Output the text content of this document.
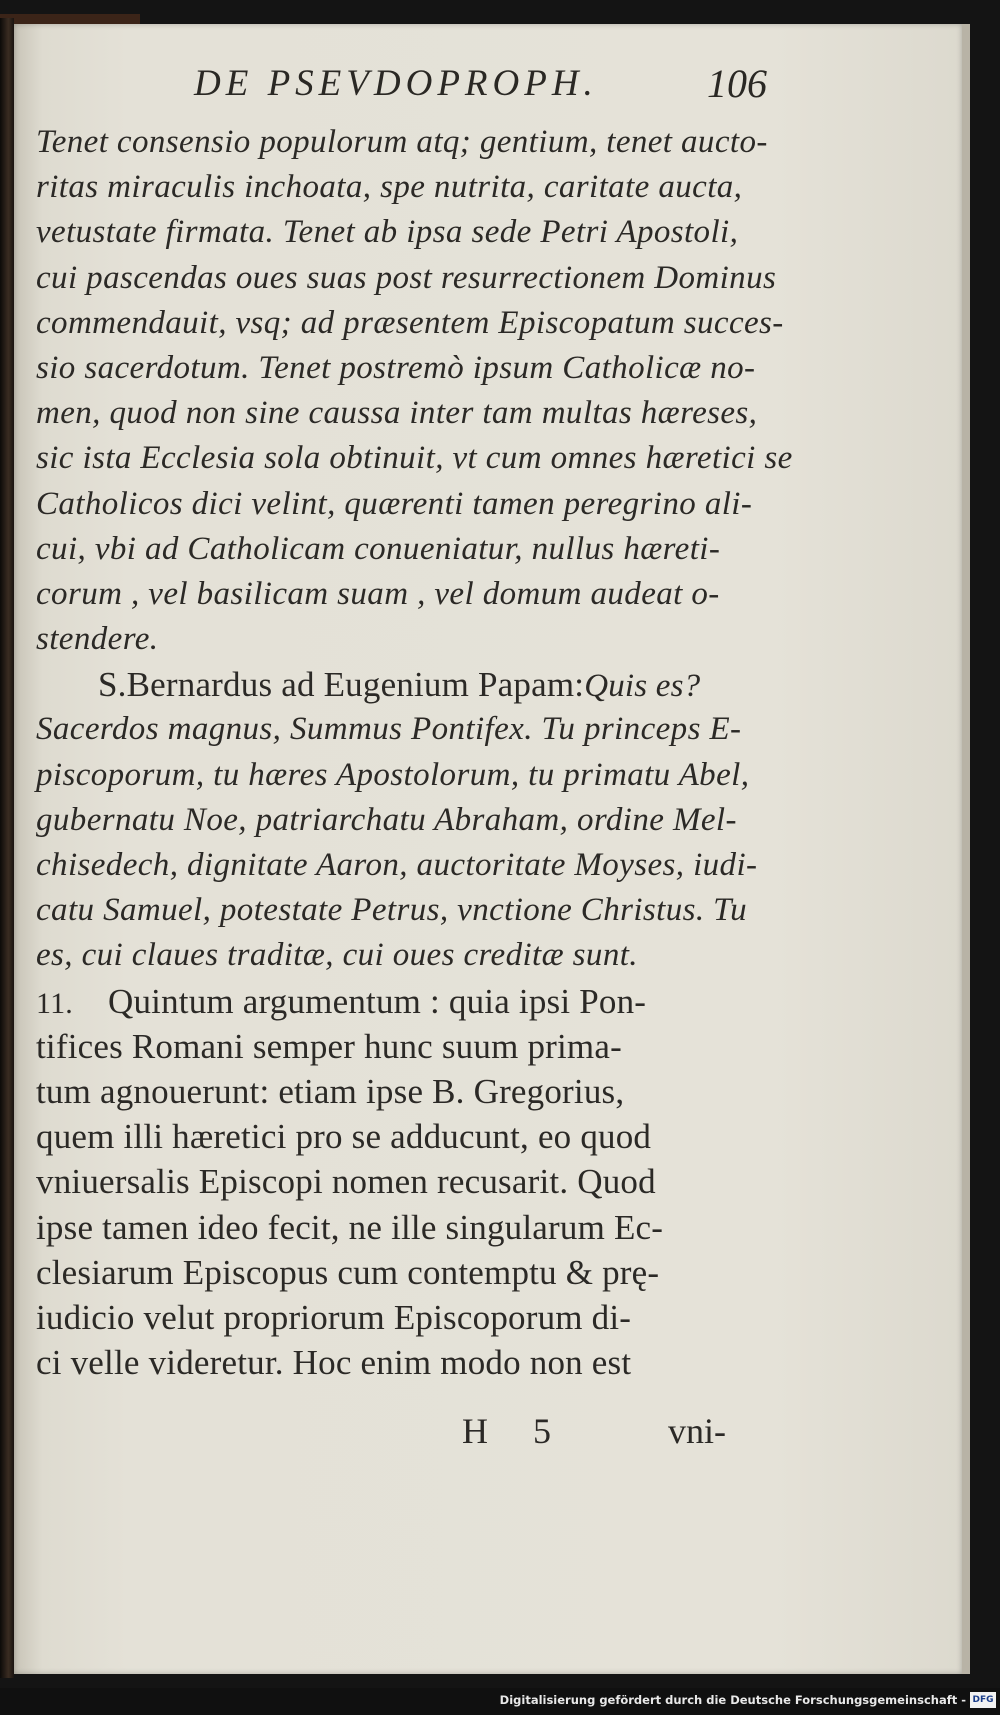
DE PSEVDOPROPH.	106
Tenet consensio populorum atq; gentium, tenet aucto-
ritas miraculis inchoata, spe nutrita, caritate aucta,
vetustate firmata. Tenet ab ipsa sede Petri Apostoli,
cui pascendas oues suas post resurrectionem Dominus
commendauit, vsq; ad præsentem Episcopatum succes-
sio sacerdotum. Tenet postremò ipsum Catholicæ no-
men, quod non sine caussa inter tam multas hæreses,
sic ista Ecclesia sola obtinuit, vt cum omnes hæretici se
Catholicos dici velint, quærenti tamen peregrino ali-
cui, vbi ad Catholicam conueniatur, nullus hæreti-
corum , vel basilicam suam , vel domum audeat o-
stendere.
S.Bernardus ad Eugenium Papam:Quis es?
Sacerdos magnus, Summus Pontifex. Tu princeps E-
piscoporum, tu hæres Apostolorum, tu primatu Abel,
gubernatu Noe, patriarchatu Abraham, ordine Mel-
chisedech, dignitate Aaron, auctoritate Moyses, iudi-
catu Samuel, potestate Petrus, vnctione Christus. Tu
es, cui claues traditæ, cui oues creditæ sunt.
11. Quintum argumentum : quia ipsi Pon-
tifices Romani semper hunc suum prima-
tum agnouerunt: etiam ipse B. Gregorius,
quem illi hæretici pro se adducunt, eo quod
vniuersalis Episcopi nomen recusarit. Quod
ipse tamen ideo fecit, ne ille singularum Ec-
clesiarum Episcopus cum contemptu & prę-
iudicio velut propriorum Episcoporum di-
ci velle videretur. Hoc enim modo non est
H 5	vni-
Digitalisierung gefördert durch die Deutsche Forschungsgemeinschaft - DFG
